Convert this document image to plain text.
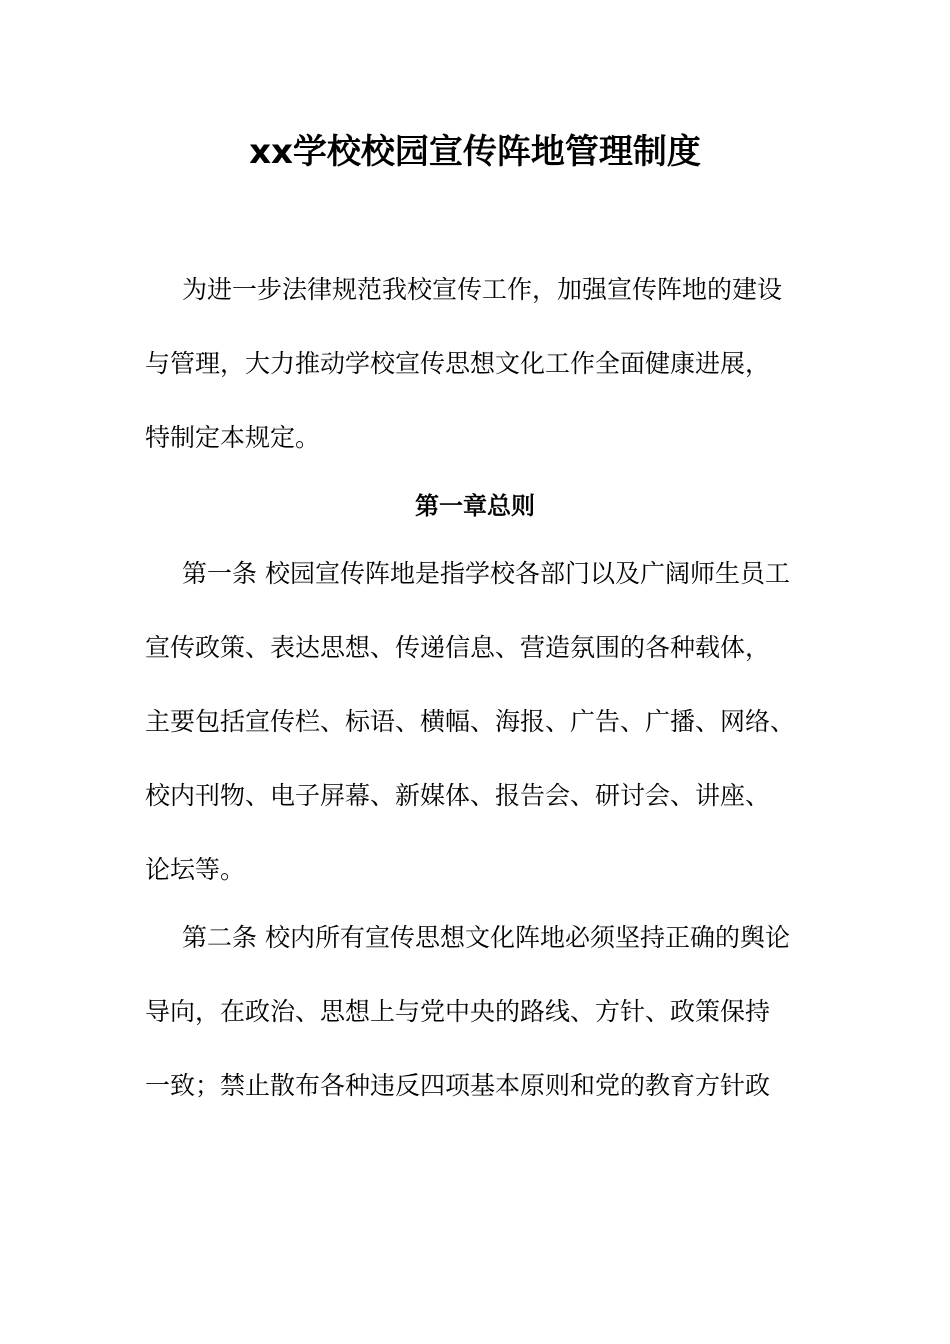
xx学校校园宣传阵地管理制度
为进一步法律规范我校宣传工作，加强宣传阵地的建设
与管理，大力推动学校宣传思想文化工作全面健康进展，
特制定本规定。
第一章总则
第一条 校园宣传阵地是指学校各部门以及广阔师生员工
宣传政策、表达思想、传递信息、营造氛围的各种载体，
主要包括宣传栏、标语、横幅、海报、广告、广播、网络、
校内刊物、电子屏幕、新媒体、报告会、研讨会、讲座、
论坛等。
第二条 校内所有宣传思想文化阵地必须坚持正确的舆论
导向，在政治、思想上与党中央的路线、方针、政策保持
一致；禁止散布各种违反四项基本原则和党的教育方针政
